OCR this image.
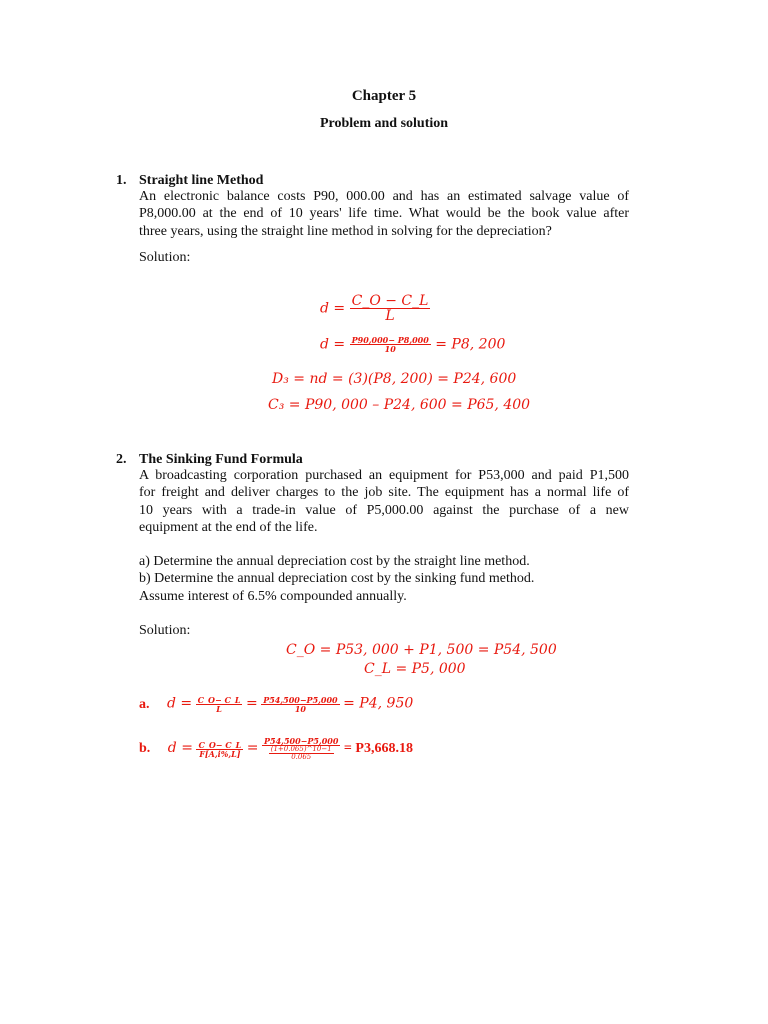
Chapter 5
Problem and solution
1. Straight line Method
An electronic balance costs P90, 000.00 and has an estimated salvage value of
P8,000.00 at the end of 10 years' life time. What would be the book value after
three years, using the straight line method in solving for the depreciation?
Solution:
$d = \frac{C\_O - C\_L}{L}$
$d = \frac{P90,000- P8,000}{10} = P8$, 200
D₃ = nd = (3)(P8, 200) = P24, 600
C₃ = P90, 000 – P24, 600 = P65, 400
2. The Sinking Fund Formula
A broadcasting corporation purchased an equipment for P53,000 and paid P1,500
for freight and deliver charges to the job site. The equipment has a normal life of
10 years with a trade-in value of P5,000.00 against the purchase of a new
equipment at the end of the life.
a) Determine the annual depreciation cost by the straight line method.
b) Determine the annual depreciation cost by the sinking fund method.
Assume interest of 6.5% compounded annually.
Solution:
C_O = P53, 000 + P1, 500 = P54, 500
C_L = P5, 000
a. $d = \frac{C\_O- C\_L}{L} = \frac{P54,500-P5,000}{10} = P4$, 950
b. $d = \frac{C\_O- C\_L}{F[A,i\%,L]} = \frac{P54,500-P5,000}{\frac{(1+0.065)\^{}10-1}{0.065}} = P3,668.18$
